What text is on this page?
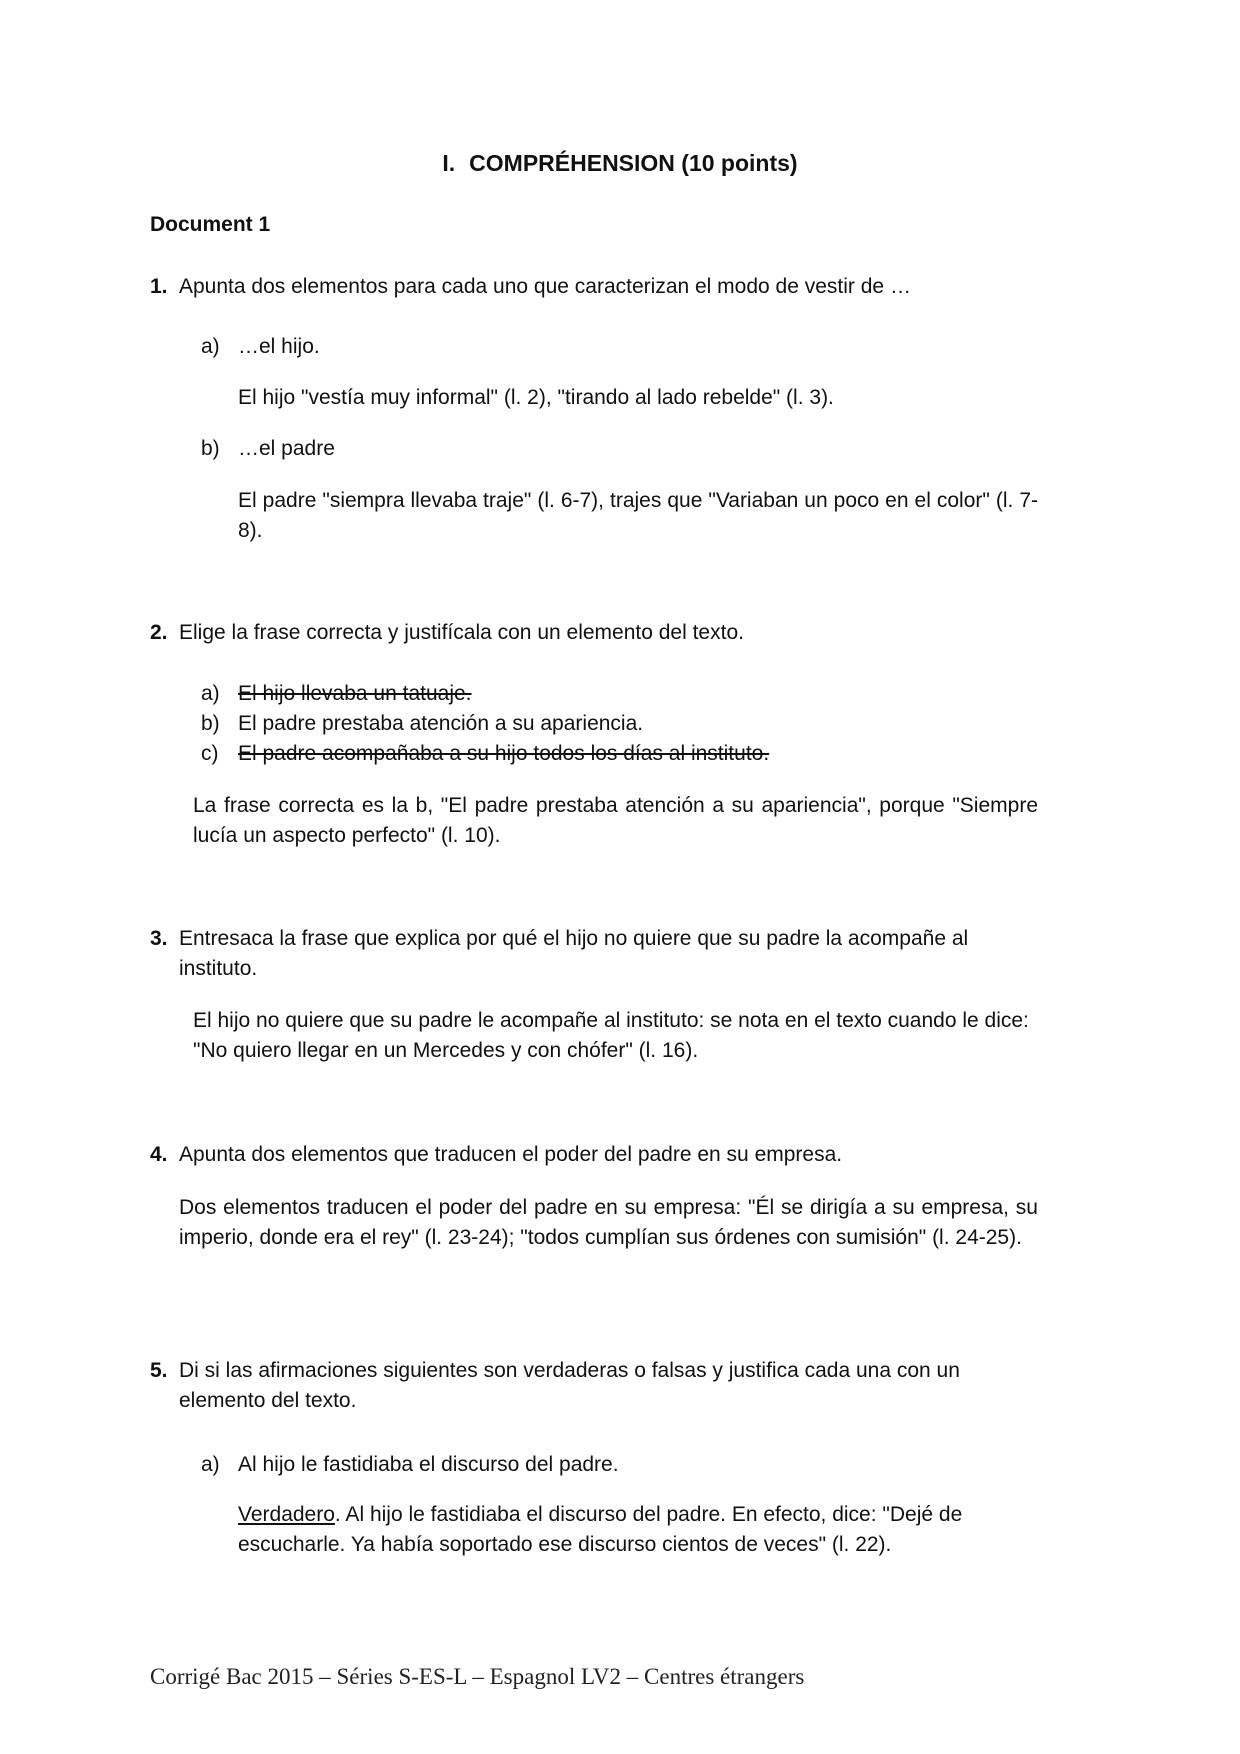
I. COMPRÉHENSION (10 points)
Document 1
1. Apunta dos elementos para cada uno que caracterizan el modo de vestir de …
a) …el hijo.
El hijo "vestía muy informal" (l. 2), "tirando al lado rebelde" (l. 3).
b) …el padre
El padre "siempra llevaba traje" (l. 6-7), trajes que "Variaban un poco en el color" (l. 7-8).
2. Elige la frase correcta y justifícala con un elemento del texto.
a) El hijo llevaba un tatuaje.
b) El padre prestaba atención a su apariencia.
c) El padre acompañaba a su hijo todos los días al instituto.
La frase correcta es la b, "El padre prestaba atención a su apariencia", porque "Siempre lucía un aspecto perfecto" (l. 10).
3. Entresaca la frase que explica por qué el hijo no quiere que su padre la acompañe al instituto.
El hijo no quiere que su padre le acompañe al instituto: se nota en el texto cuando le dice: "No quiero llegar en un Mercedes y con chófer" (l. 16).
4. Apunta dos elementos que traducen el poder del padre en su empresa.
Dos elementos traducen el poder del padre en su empresa: "Él se dirigía a su empresa, su imperio, donde era el rey" (l. 23-24); "todos cumplían sus órdenes con sumisión" (l. 24-25).
5. Di si las afirmaciones siguientes son verdaderas o falsas y justifica cada una con un elemento del texto.
a) Al hijo le fastidiaba el discurso del padre.
Verdadero. Al hijo le fastidiaba el discurso del padre. En efecto, dice: "Dejé de escucharle. Ya había soportado ese discurso cientos de veces" (l. 22).
Corrigé Bac 2015 – Séries S-ES-L – Espagnol LV2 – Centres étrangers
